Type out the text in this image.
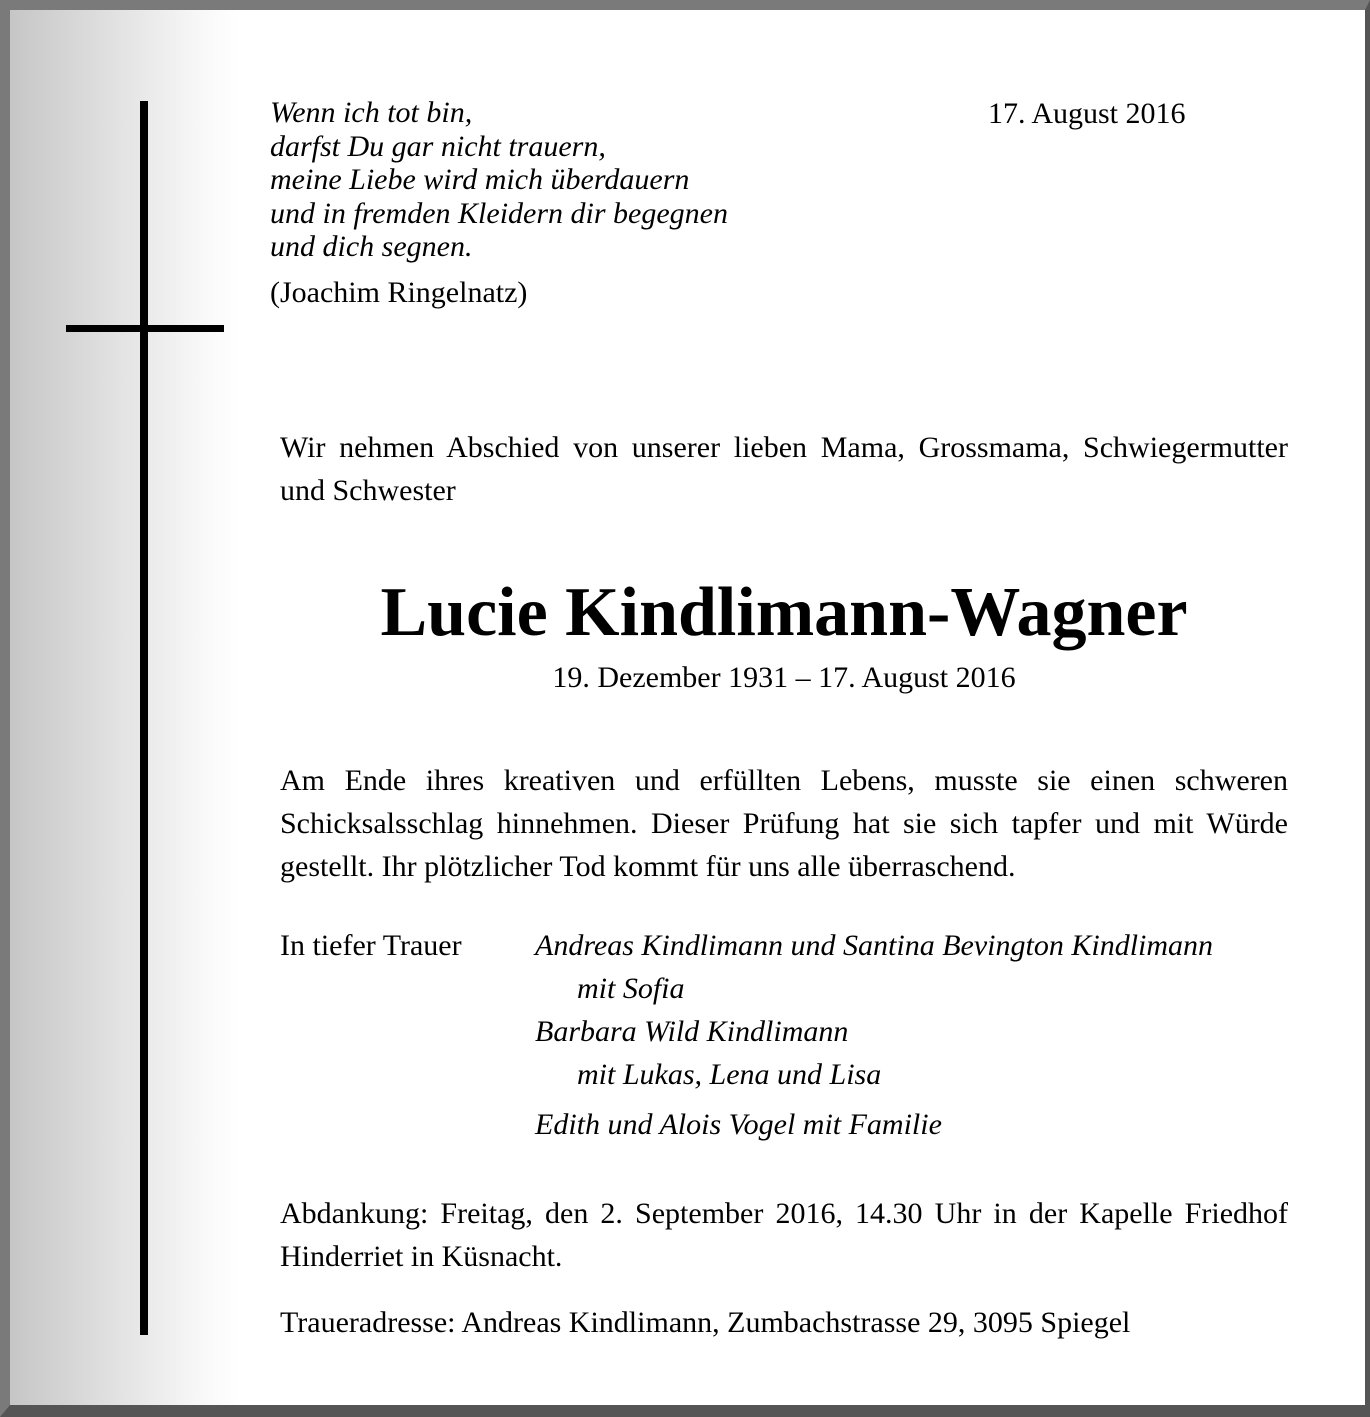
Wenn ich tot bin,
darfst Du gar nicht trauern,
meine Liebe wird mich überdauern
und in fremden Kleidern dir begegnen
und dich segnen.
(Joachim Ringelnatz)
17. August 2016
Wir nehmen Abschied von unserer lieben Mama, Grossmama, Schwiegermutter und Schwester
Lucie Kindlimann-Wagner
19. Dezember 1931 – 17. August 2016
Am Ende ihres kreativen und erfüllten Lebens, musste sie einen schweren Schicksalsschlag hinnehmen. Dieser Prüfung hat sie sich tapfer und mit Würde gestellt. Ihr plötzlicher Tod kommt für uns alle überraschend.
In tiefer Trauer Andreas Kindlimann und Santina Bevington Kindlimann
mit Sofia
Barbara Wild Kindlimann
mit Lukas, Lena und Lisa
Edith und Alois Vogel mit Familie
Abdankung: Freitag, den 2. September 2016, 14.30 Uhr in der Kapelle Friedhof Hinderriet in Küsnacht.
Traueradresse: Andreas Kindlimann, Zumbachstrasse 29, 3095 Spiegel
